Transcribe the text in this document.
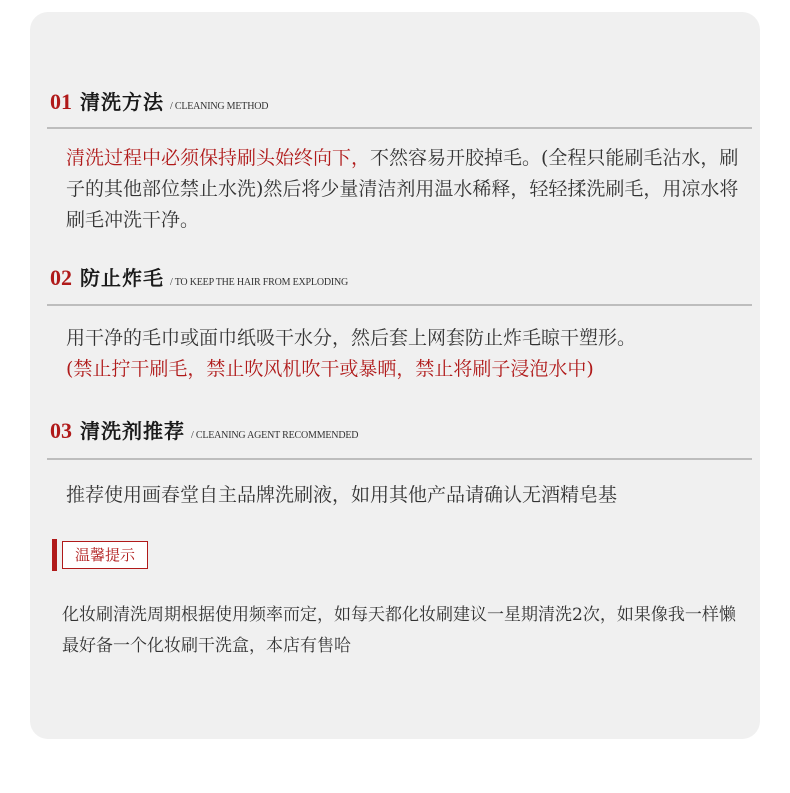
01 清洗方法 / CLEANING METHOD
清洗过程中必须保持刷头始终向下，不然容易开胶掉毛。(全程只能刷毛沾水，刷子的其他部位禁止水洗)然后将少量清洁剂用温水稀释，轻轻揉洗刷毛，用凉水将刷毛冲洗干净。
02 防止炸毛 / TO KEEP THE HAIR FROM EXPLODING
用干净的毛巾或面巾纸吸干水分，然后套上网套防止炸毛晾干塑形。
(禁止拧干刷毛，禁止吹风机吹干或暴晒，禁止将刷子浸泡水中)
03 清洗剂推荐 / CLEANING AGENT RECOMMENDED
推荐使用画春堂自主品牌洗刷液，如用其他产品请确认无酒精皂基
温馨提示
化妆刷清洗周期根据使用频率而定，如每天都化妆刷建议一星期清洗2次，如果像我一样懒最好备一个化妆刷干洗盒，本店有售哈
